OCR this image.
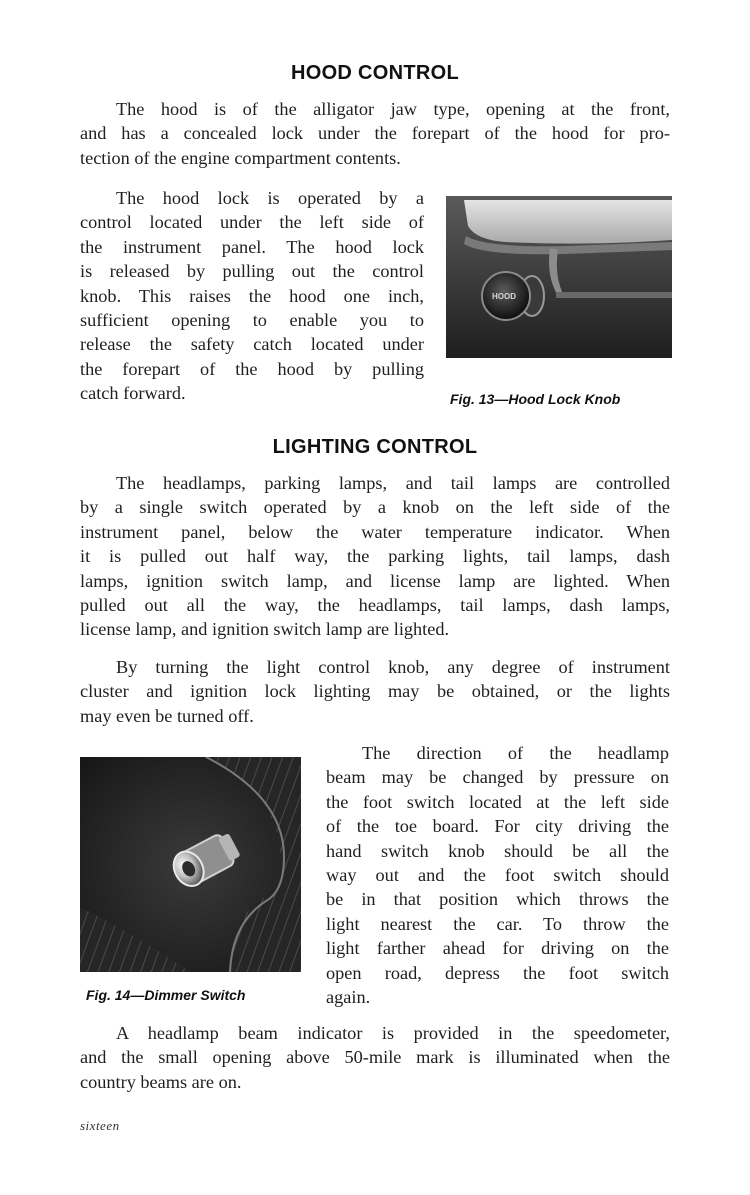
HOOD CONTROL
The hood is of the alligator jaw type, opening at the front,
and has a concealed lock under the forepart of the hood for pro-
tection of the engine compartment contents.
The hood lock is operated by a
control located under the left side of
the instrument panel. The hood lock
is released by pulling out the control
knob. This raises the hood one inch,
sufficient opening to enable you to
release the safety catch located under
the forepart of the hood by pulling
catch forward.
HOOD
Fig. 13—Hood Lock Knob
LIGHTING CONTROL
The headlamps, parking lamps, and tail lamps are controlled
by a single switch operated by a knob on the left side of the
instrument panel, below the water temperature indicator. When
it is pulled out half way, the parking lights, tail lamps, dash
lamps, ignition switch lamp, and license lamp are lighted. When
pulled out all the way, the headlamps, tail lamps, dash lamps,
license lamp, and ignition switch lamp are lighted.
By turning the light control knob, any degree of instrument
cluster and ignition lock lighting may be obtained, or the lights
may even be turned off.
Fig. 14—Dimmer Switch
The direction of the headlamp
beam may be changed by pressure on
the foot switch located at the left side
of the toe board. For city driving the
hand switch knob should be all the
way out and the foot switch should
be in that position which throws the
light nearest the car. To throw the
light farther ahead for driving on the
open road, depress the foot switch
again.
A headlamp beam indicator is provided in the speedometer,
and the small opening above 50-mile mark is illuminated when the
country beams are on.
sixteen
